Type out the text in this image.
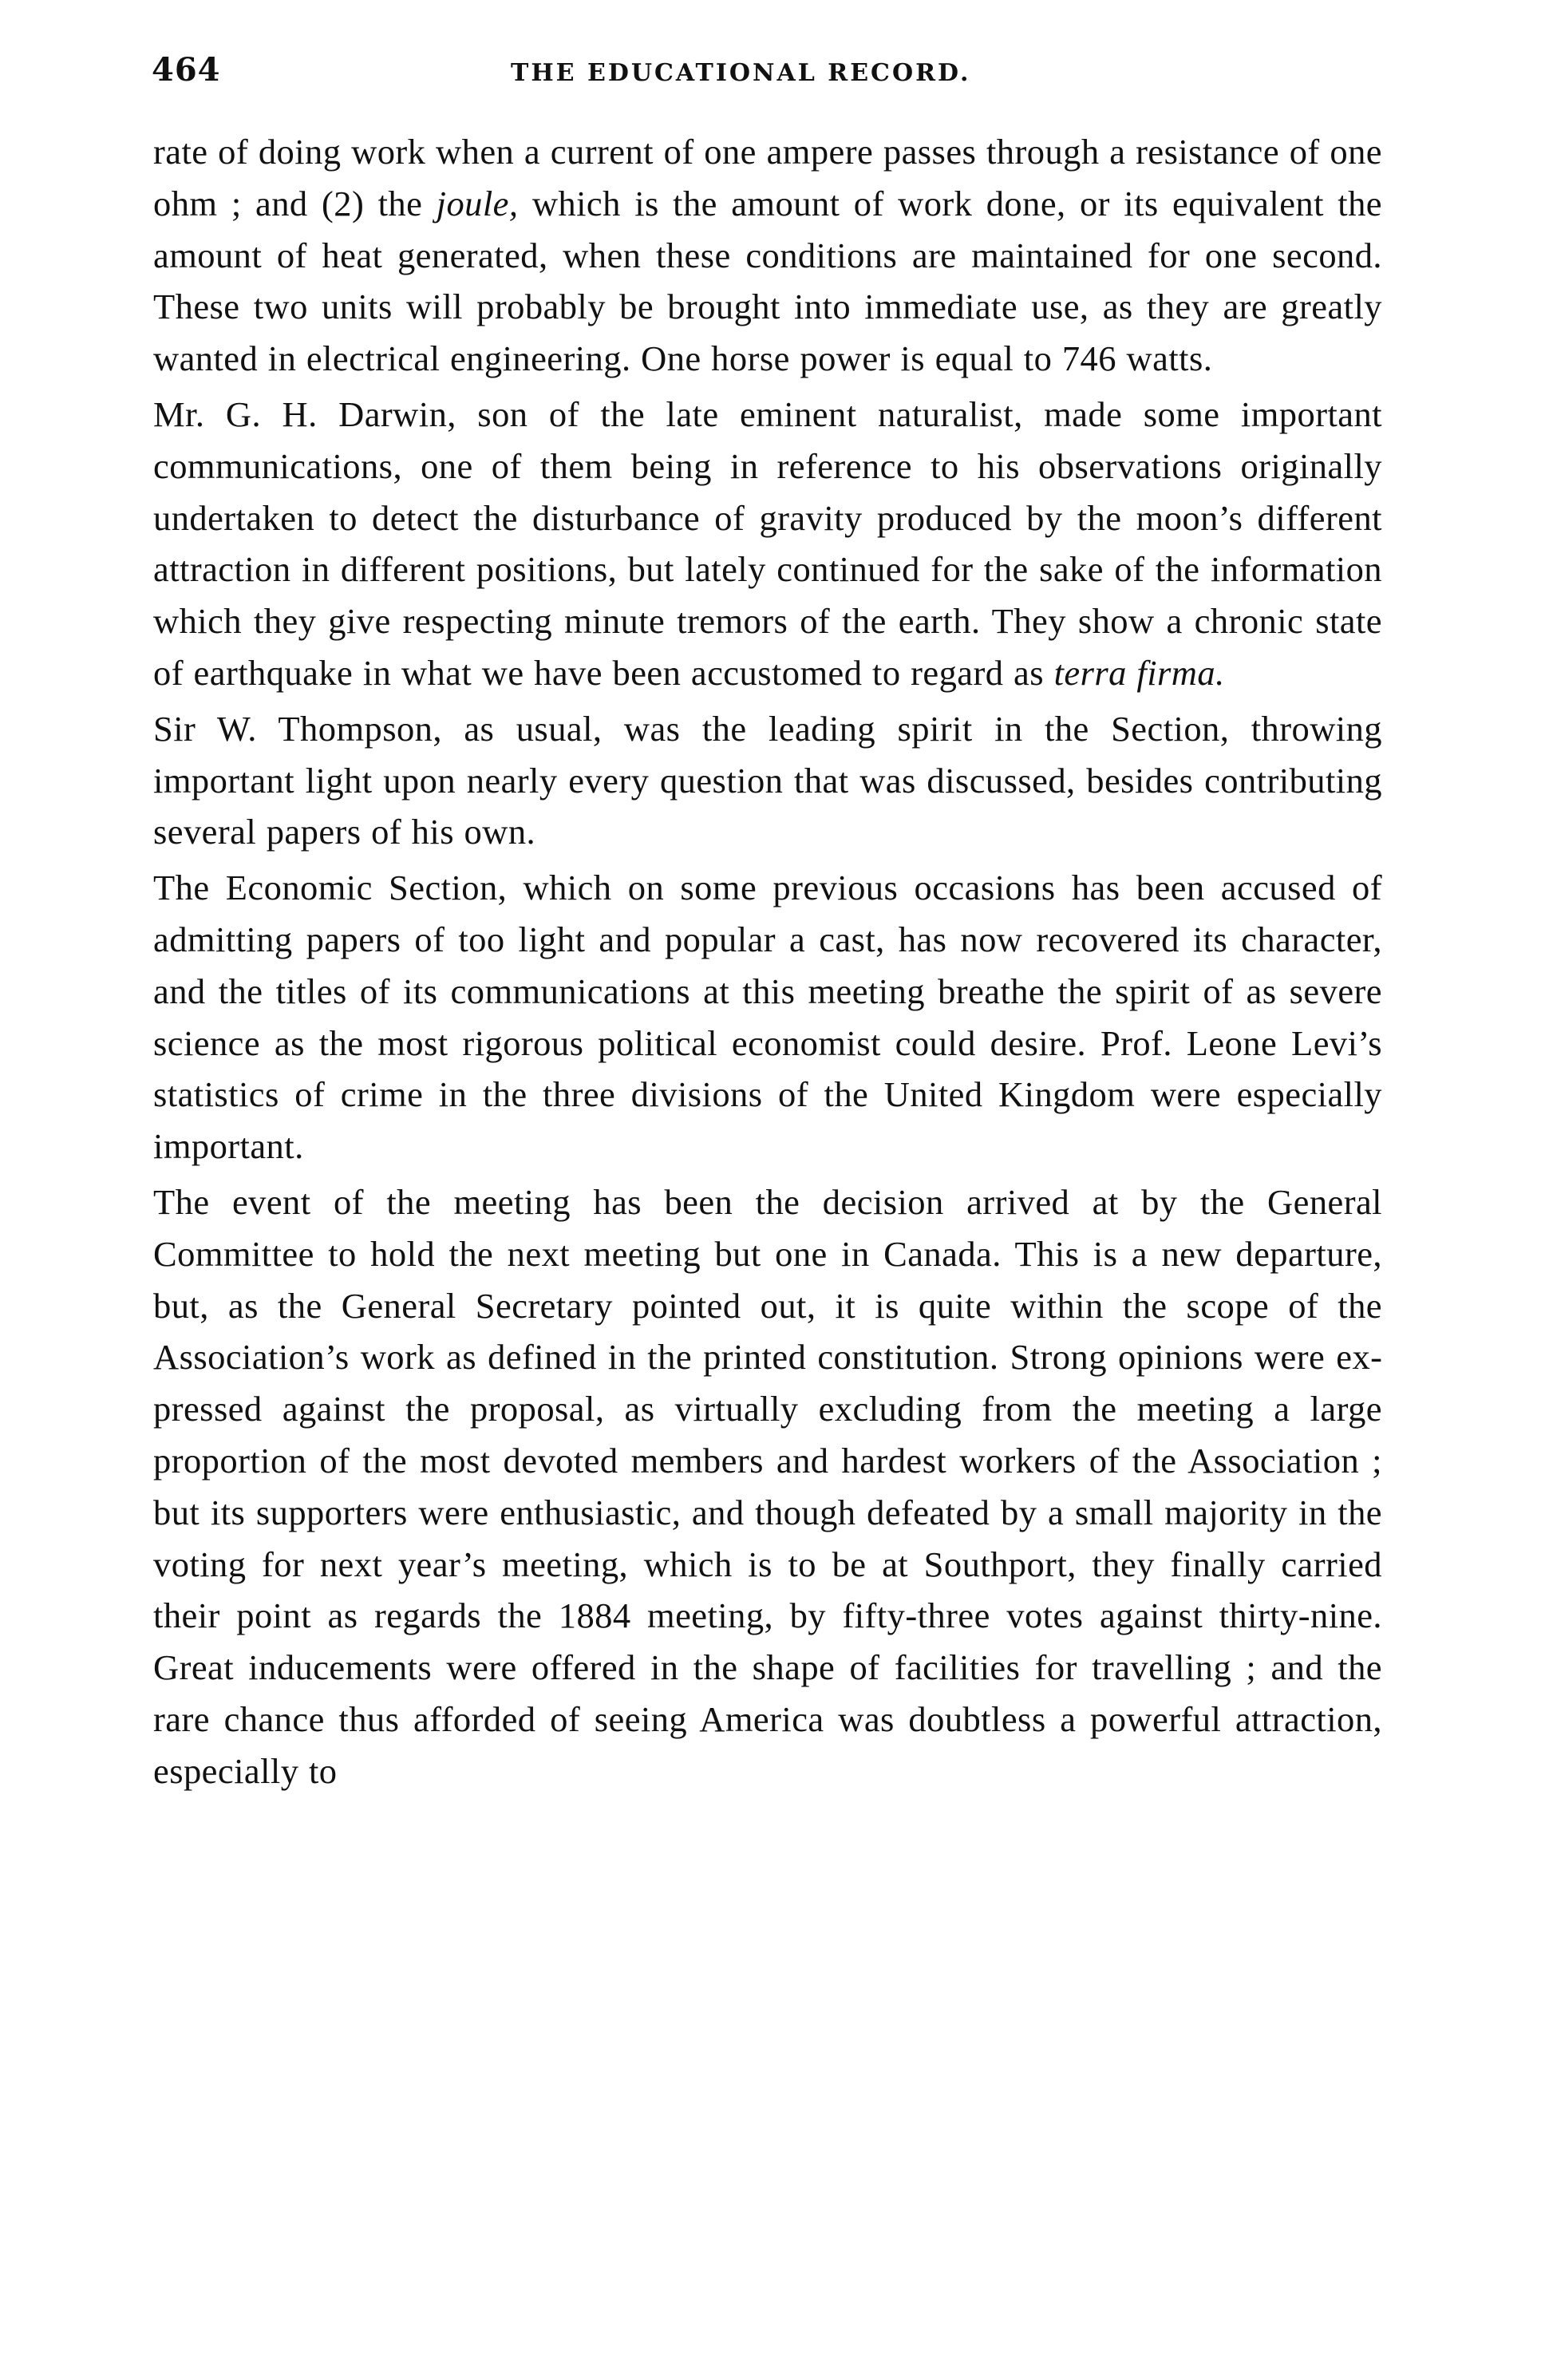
464	THE EDUCATIONAL RECORD.

rate of doing work when a current of one ampere passes through a resistance of one ohm ; and (2) the joule, which is the amount of work done, or its equivalent the amount of heat generated, when these conditions are maintained for one second. These two units will probably be brought into immediate use, as they are greatly wanted in electrical engineering. One horse power is equal to 746 watts.

Mr. G. H. Darwin, son of the late eminent naturalist, made some important communications, one of them being in reference to his observations originally undertaken to detect the disturbance of gravity produced by the moon’s different attraction in different positions, but lately continued for the sake of the information which they give respecting minute tremors of the earth. They show a chronic state of earthquake in what we have been accustomed to regard as terra firma.

Sir W. Thompson, as usual, was the leading spirit in the Section, throwing important light upon nearly every question that was discussed, besides contributing several papers of his own.

The Economic Section, which on some previous occasions has been accused of admitting papers of too light and popular a cast, has now recovered its character, and the titles of its communications at this meeting breathe the spirit of as severe science as the most rigorous political economist could desire. Prof. Leone Levi’s statistics of crime in the three divisions of the United Kingdom were especially important.

The event of the meeting has been the decision arrived at by the General Committee to hold the next meeting but one in Canada. This is a new departure, but, as the General Secretary pointed out, it is quite within the scope of the Association’s work as defined in the printed constitution. Strong opinions were expressed against the proposal, as virtually excluding from the meeting a large proportion of the most devoted members and hardest workers of the Association ; but its supporters were enthusiastic, and though defeated by a small majority in the voting for next year’s meeting, which is to be at Southport, they finally carried their point as regards the 1884 meeting, by fifty-three votes against thirty-nine. Great inducements were offered in the shape of facilities for travelling ; and the rare chance thus afforded of seeing America was doubtless a powerful attraction, especially to
